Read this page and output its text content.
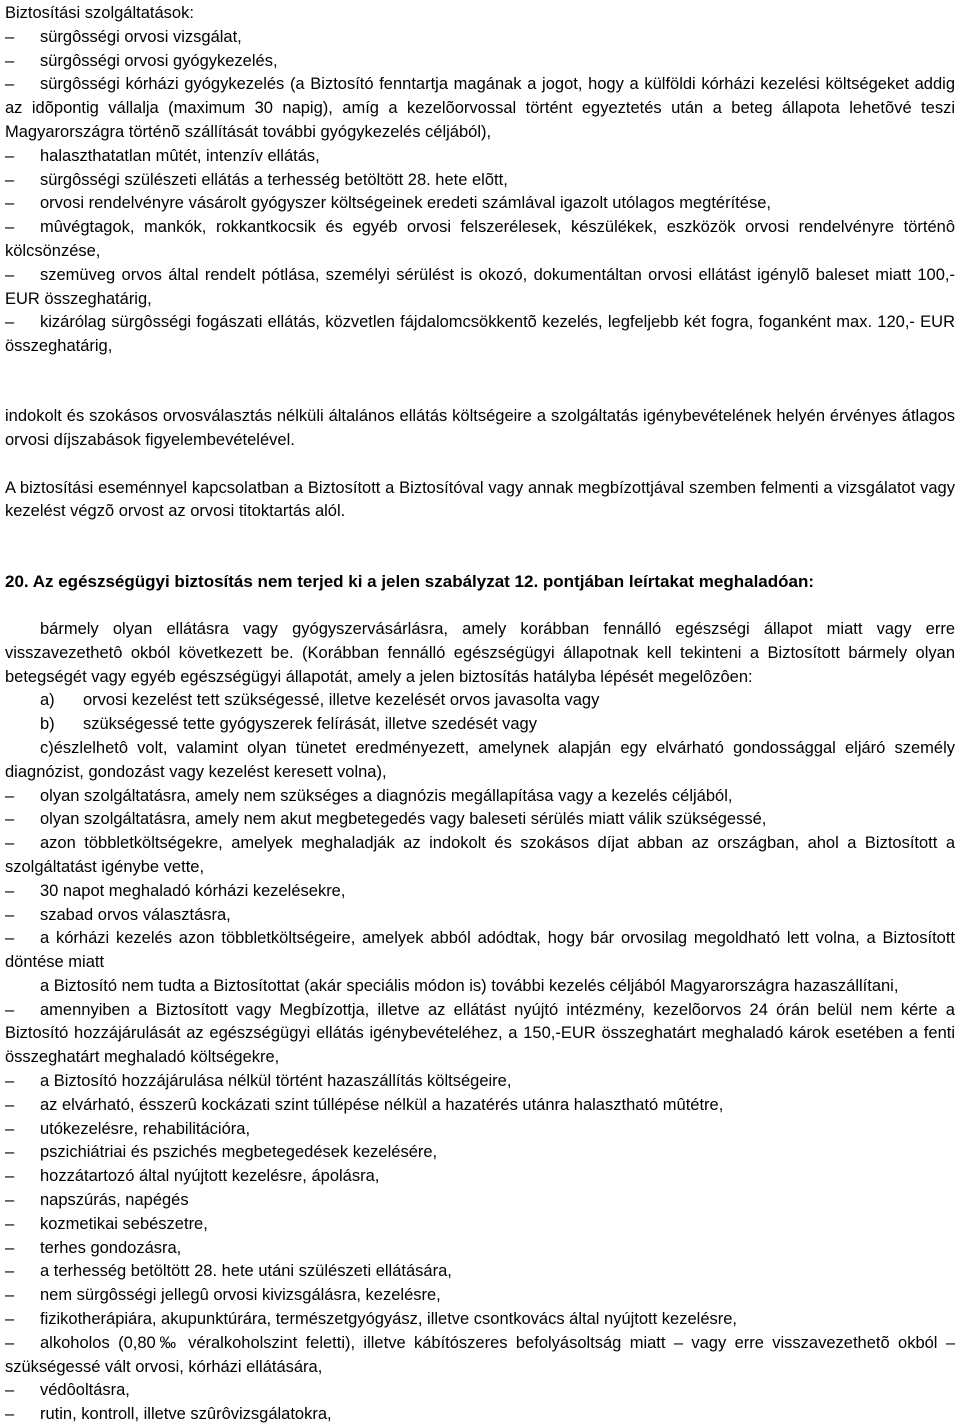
Biztosítási szolgáltatások:

– sürgôsségi orvosi vizsgálat,

– sürgôsségi orvosi gyógykezelés,

– sürgôsségi kórházi gyógykezelés (a Biztosító fenntartja magának a jogot, hogy a külföldi kórházi kezelési költségeket addig az idõpontig vállalja (maximum 30 napig), amíg a kezelõorvossal történt egyeztetés után a beteg állapota lehetõvé teszi Magyarországra történõ szállítását további gyógykezelés céljából),

– halaszthatatlan mûtét, intenzív ellátás,

– sürgôsségi szülészeti ellátás a terhesség betöltött 28. hete elõtt,

– orvosi rendelvényre vásárolt gyógyszer költségeinek eredeti számlával igazolt utólagos megtérítése,

– mûvégtagok, mankók, rokkantkocsik és egyéb orvosi felszerélesek, készülékek, eszközök orvosi rendelvényre történô kölcsönzése,

– szemüveg orvos által rendelt pótlása, személyi sérülést is okozó, dokumentáltan orvosi ellátást igénylõ baleset miatt 100,-EUR összeghatárig,

– kizárólag sürgôsségi fogászati ellátás, közvetlen fájdalomcsökkentõ kezelés, legfeljebb két fogra, foganként max. 120,- EUR összeghatárig,

indokolt és szokásos orvosválasztás nélküli általános ellátás költségeire a szolgáltatás igénybevételének helyén érvényes átlagos orvosi díjszabások figyelembevételével.

A biztosítási eseménnyel kapcsolatban a Biztosított a Biztosítóval vagy annak megbízottjával szemben felmenti a vizsgálatot vagy kezelést végzõ orvost az orvosi titoktartás alól.

20. Az egészségügyi biztosítás nem terjed ki a jelen szabályzat 12. pontjában leírtakat meghaladóan:

bármely olyan ellátásra vagy gyógyszervásárlásra, amely korábban fennálló egészségi állapot miatt vagy erre visszavezethetô okból következett be. (Korábban fennálló egészségügyi állapotnak kell tekinteni a Biztosított bármely olyan betegségét vagy egyéb egészségügyi állapotát, amely a jelen biztosítás hatályba lépését megelôzôen:

a) orvosi kezelést tett szükségessé, illetve kezelését orvos javasolta vagy

b) szükségessé tette gyógyszerek felírását, illetve szedését vagy

c)észlelhetô volt, valamint olyan tünetet eredményezett, amelynek alapján egy elvárható gondossággal eljáró személy diagnózist, gondozást vagy kezelést keresett volna),

– olyan szolgáltatásra, amely nem szükséges a diagnózis megállapítása vagy a kezelés céljából,

– olyan szolgáltatásra, amely nem akut megbetegedés vagy baleseti sérülés miatt válik szükségessé,

– azon többletköltségekre, amelyek meghaladják az indokolt és szokásos díjat abban az országban, ahol a Biztosított a szolgáltatást igénybe vette,

– 30 napot meghaladó kórházi kezelésekre,

– szabad orvos választásra,

– a kórházi kezelés azon többletköltségeire, amelyek abból adódtak, hogy bár orvosilag megoldható lett volna, a Biztosított döntése miatt

a Biztosító nem tudta a Biztosítottat (akár speciális módon is) további kezelés céljából Magyarországra hazaszállítani,

– amennyiben a Biztosított vagy Megbízottja, illetve az ellátást nyújtó intézmény, kezelõorvos 24 órán belül nem kérte a Biztosító hozzájárulását az egészségügyi ellátás igénybevételéhez, a 150,-EUR összeghatárt meghaladó károk esetében a fenti összeghatárt meghaladó költségekre,

– a Biztosító hozzájárulása nélkül történt hazaszállítás költségeire,

– az elvárható, ésszerû kockázati szint túllépése nélkül a hazatérés utánra halasztható mûtétre,

– utókezelésre, rehabilitációra,

– pszichiátriai és pszichés megbetegedések kezelésére,

– hozzátartozó által nyújtott kezelésre, ápolásra,

– napszúrás, napégés

– kozmetikai sebészetre,

– terhes gondozásra,

– a terhesség betöltött 28. hete utáni szülészeti ellátására,

– nem sürgôsségi jellegû orvosi kivizsgálásra, kezelésre,

– fizikotherápiára, akupunktúrára, természetgyógyász, illetve csontkovács által nyújtott kezelésre,

– alkoholos (0,80‰ véralkoholszint feletti), illetve kábítószeres befolyásoltság miatt – vagy erre visszavezethetõ okból – szükségessé vált orvosi, kórházi ellátására,

– védôoltásra,

– rutin, kontroll, illetve szûrôvizsgálatokra,
